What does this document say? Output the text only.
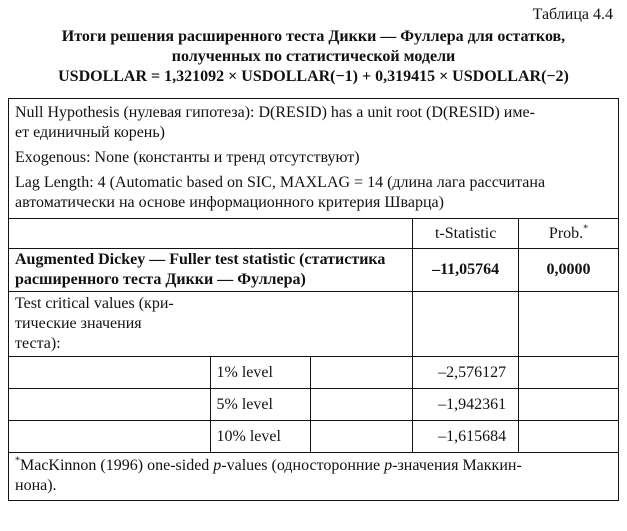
Таблица 4.4
Итоги решения расширенного теста Дикки — Фуллера для остатков,
полученных по статистической модели
USDOLLAR = 1,321092 × USDOLLAR(−1) + 0,319415 × USDOLLAR(−2)

Null Hypothesis (нулевая гипотеза): D(RESID) has a unit root (D(RESID) име-
ет единичный корень)

Exogenous: None (константы и тренд отсутствуют)

Lag Length: 4 (Automatic based on SIC, MAXLAG = 14 (длина лага рассчитана
автоматически на основе информационного критерия Шварца)				

			t-Statistic	Prob.*
Augmented Dickey — Fuller test statistic (статистика
расширенного теста Дикки — Фуллера)			–11,05764	0,0000
Test critical values (кри-
тические значения
теста):				
	1% level		–2,576127	
	5% level		–1,942361	
	10% level		–1,615684	
*MacKinnon (1996) one-sided p-values (односторонние p-значения Маккин-
нона).				
